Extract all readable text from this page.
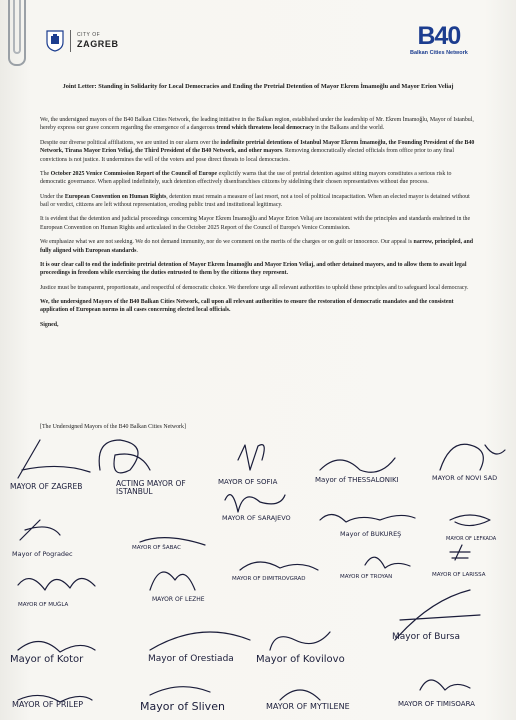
CITY OF
ZAGREB	B40
Balkan Cities Network
Joint Letter: Standing in Solidarity for Local Democracies and Ending the Pretrial Detention of Mayor Ekrem İmamoğlu and Mayor Erion Veliaj

We, the undersigned mayors of the B40 Balkan Cities Network, the leading initiative in the Balkan region, established under the leadership of Mr. Ekrem İmamoğlu, Mayor of Istanbul, hereby express our grave concern regarding the emergence of a dangerous trend which threatens local democracy in the Balkans and the world.

Despite our diverse political affiliations, we are united in our alarm over the indefinite pretrial detentions of Istanbul Mayor Ekrem İmamoğlu, the Founding President of the B40 Network, Tirana Mayor Erion Veliaj, the Third President of the B40 Network, and other mayors. Removing democratically elected officials from office prior to any final convictions is not justice. It undermines the will of the voters and pose direct threats to local democracies.

The October 2025 Venice Commission Report of the Council of Europe explicitly warns that the use of pretrial detention against sitting mayors constitutes a serious risk to democratic governance. When applied indefinitely, such detention effectively disenfranchises citizens by sidelining their chosen representatives without due process.

Under the European Convention on Human Rights, detention must remain a measure of last resort, not a tool of political incapacitation. When an elected mayor is detained without bail or verdict, citizens are left without representation, eroding public trust and institutional legitimacy.

It is evident that the detention and judicial proceedings concerning Mayor Ekrem İmamoğlu and Mayor Erion Veliaj are inconsistent with the principles and standards enshrined in the European Convention on Human Rights and articulated in the October 2025 Report of the Council of Europe's Venice Commission.

We emphasize what we are not seeking. We do not demand immunity, nor do we comment on the merits of the charges or on guilt or innocence. Our appeal is narrow, principled, and fully aligned with European standards.

It is our clear call to end the indefinite pretrial detention of Mayor Ekrem İmamoğlu and Mayor Erion Veliaj, and other detained mayors, and to allow them to await legal proceedings in freedom while exercising the duties entrusted to them by the citizens they represent.

Justice must be transparent, proportionate, and respectful of democratic choice. We therefore urge all relevant authorities to uphold these principles and to safeguard local democracy.

We, the undersigned Mayors of the B40 Balkan Cities Network, call upon all relevant authorities to ensure the restoration of democratic mandates and the consistent application of European norms in all cases concerning elected local officials.

Signed,

[The Undersigned Mayors of the B40 Balkan Cities Network]
MAYOR OF ZAGREB	ACTING MAYOR OF ISTANBUL
MAYOR OF SOFIA	Mayor of THESSALONIKI	MAYOR of NOVI SAD
MAYOR OF SARAJEVO
Mayor of BUKUREŞ
MAYOR OF LEFKADA
Mayor of Pogradec
MAYOR OF ŠABAC
MAYOR OF DIMITROVGRAD	MAYOR OF TROYAN	MAYOR OF LARISSA
MAYOR OF MUĞLA
MAYOR OF LEZHE
Mayor of Kotor	Mayor of Orestiada Mayor of Kovilovo
Mayor of Bursa
MAYOR OF PRILEP	Mayor of Sliven	MAYOR OF MYTILENE	MAYOR OF TIMISOARA
